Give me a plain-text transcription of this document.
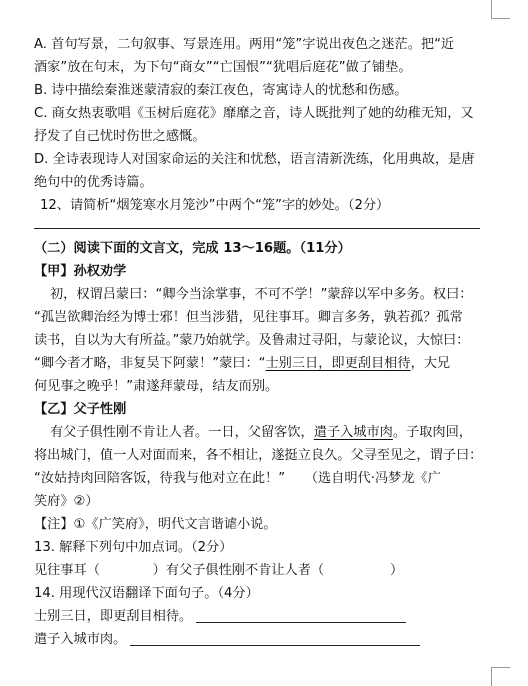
A. 首句写景，二句叙事、写景连用。两用“笼”字说出夜色之迷茫。把“近
酒家”放在句末，为下句“商女”“亡国恨”“犹唱后庭花”做了铺垫。
B. 诗中描绘秦淮迷蒙清寂的秦江夜色，寄寓诗人的忧愁和伤感。
C. 商女热衷歌唱《玉树后庭花》靡靡之音，诗人既批判了她的幼稚无知，又
抒发了自己忧时伤世之感慨。
D. 全诗表现诗人对国家命运的关注和忧愁，语言清新洗练，化用典故，是唐
绝句中的优秀诗篇。
12、请简析“烟笼寒水月笼沙”中两个“笼”字的妙处。（2分）
（二）阅读下面的文言文，完成 13～16题。（11分）
【甲】孙权劝学
初，权谓吕蒙曰：“卿今当涂掌事，不可不学！”蒙辞以军中多务。权曰：
“孤岂欲卿治经为博士邪！但当涉猎，见往事耳。卿言多务，孰若孤？孤常
读书，自以为大有所益。”蒙乃始就学。及鲁肃过寻阳，与蒙论议，大惊曰：
“卿今者才略，非复吴下阿蒙！”蒙曰：“士别三日，即更刮目相待，大兄
何见事之晚乎！”肃遂拜蒙母，结友而别。
【乙】父子性刚
有父子俱性刚不肯让人者。一日，父留客饮，遣子入城市肉。子取肉回，
将出城门，值一人对面而来，各不相让，遂挺立良久。父寻至见之，谓子曰：
“汝姑持肉回陪客饭，待我与他对立在此！”　　（选自明代·冯梦龙《广
笑府》②）
【注】①《广笑府》，明代文言谐谑小说。
13. 解释下列句中加点词。（2分）
见往事耳（　　　　）有父子俱性刚不肯让人者（　　　　　）
14. 用现代汉语翻译下面句子。（4分）
士别三日，即更刮目相待。
遣子入城市肉。
